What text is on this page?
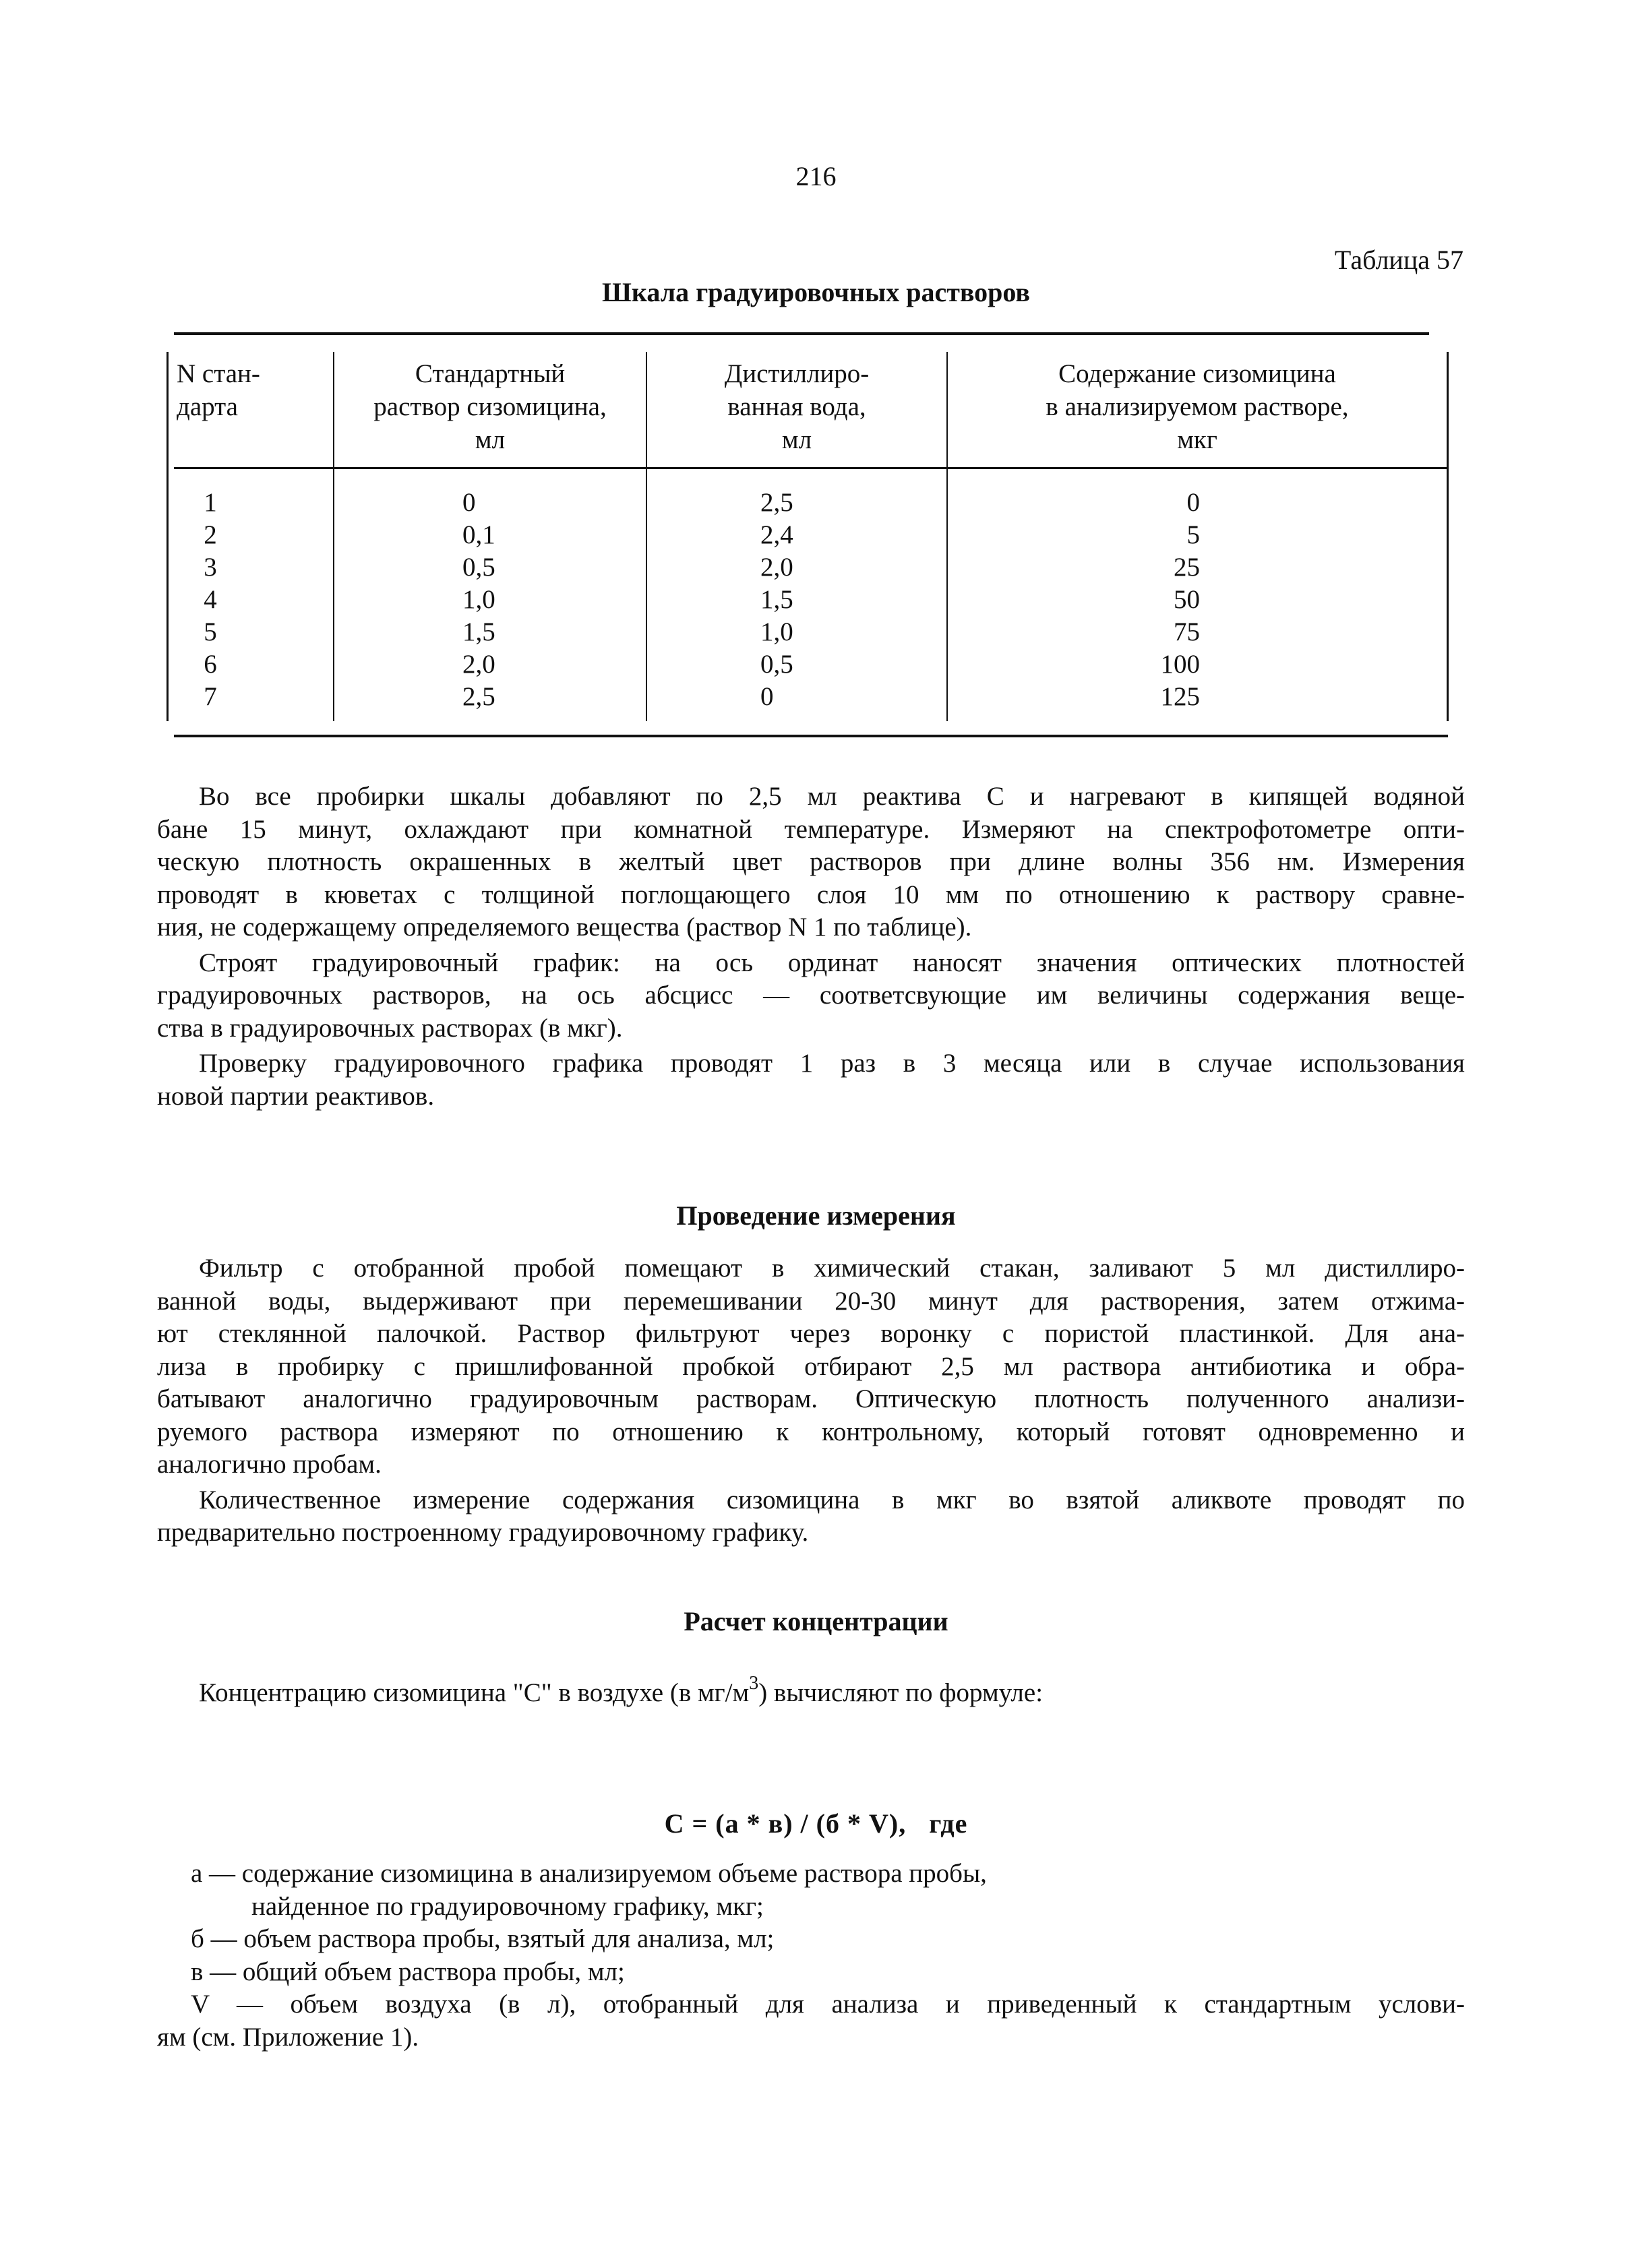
216
Таблица 57
Шкала градуировочных растворов
N стан-
дарта
Стандартный
раствор сизомицина,
мл
Дистиллиро-
ванная вода,
мл
Содержание сизомицина
в анализируемом растворе,
мкг
1
2
3
4
5
6
7
0
0,1
0,5
1,0
1,5
2,0
2,5
2,5
2,4
2,0
1,5
1,0
0,5
0
0
5
25
50
75
100
125
Во все пробирки шкалы добавляют по 2,5 мл реактива С и нагревают в кипящей водяной
бане 15 минут, охлаждают при комнатной температуре. Измеряют на спектрофотометре опти-
ческую плотность окрашенных в желтый цвет растворов при длине волны 356 нм. Измерения
проводят в кюветах с толщиной поглощающего слоя 10 мм по отношению к раствору сравне-
ния, не содержащему определяемого вещества (раствор N 1 по таблице).
Строят градуировочный график: на ось ординат наносят значения оптических плотностей
градуировочных растворов, на ось абсцисс — соответсвующие им величины содержания веще-
ства в градуировочных растворах (в мкг).
Проверку градуировочного графика проводят 1 раз в 3 месяца или в случае использования
новой партии реактивов.
Проведение измерения
Фильтр с отобранной пробой помещают в химический стакан, заливают 5 мл дистиллиро-
ванной воды, выдерживают при перемешивании 20-30 минут для растворения, затем отжима-
ют стеклянной палочкой. Раствор фильтруют через воронку с пористой пластинкой. Для ана-
лиза в пробирку с пришлифованной пробкой отбирают 2,5 мл раствора антибиотика и обра-
батывают аналогично градуировочным растворам. Оптическую плотность полученного анализи-
руемого раствора измеряют по отношению к контрольному, который готовят одновременно и
аналогично пробам.
Количественное измерение содержания сизомицина в мкг во взятой аликвоте проводят по
предварительно построенному градуировочному графику.
Расчет концентрации
Концентрацию сизомицина "С" в воздухе (в $мг/м^3$) вычисляют по формуле:
С = (а * в) / (б * V), где
а — содержание сизомицина в анализируемом объеме раствора пробы,
найденное по градуировочному графику, мкг;
б — объем раствора пробы, взятый для анализа, мл;
в — общий объем раствора пробы, мл;
V — объем воздуха (в л), отобранный для анализа и приведенный к стандартным услови-
ям (см. Приложение 1).
